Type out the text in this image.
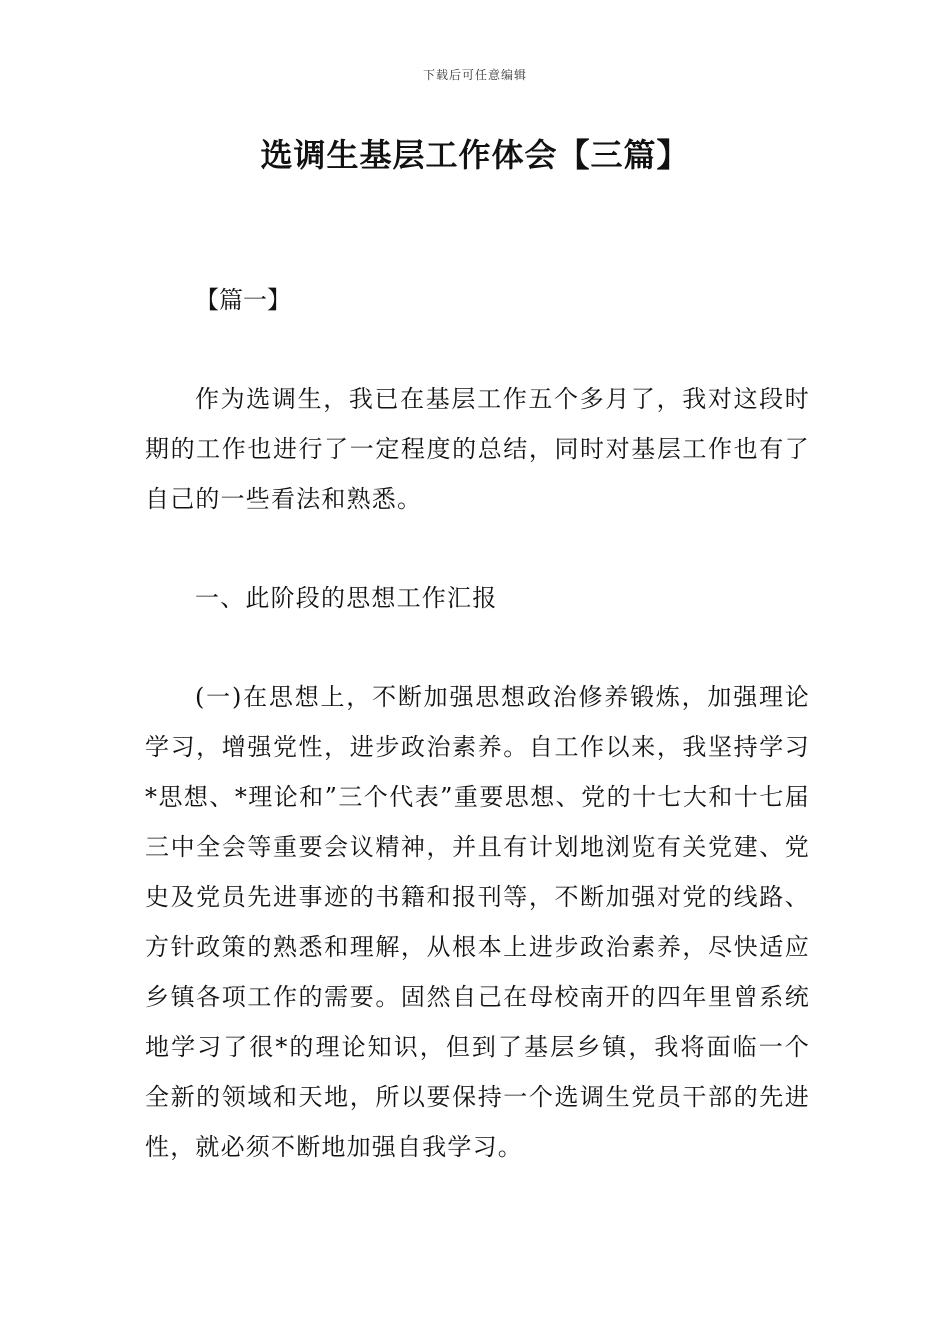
下载后可任意编辑
选调生基层工作体会【三篇】
【篇一】

作为选调生，我已在基层工作五个多月了，我对这段时期的工作也进行了一定程度的总结，同时对基层工作也有了自己的一些看法和熟悉。

一、此阶段的思想工作汇报

(一)在思想上，不断加强思想政治修养锻炼，加强理论学习，增强党性，进步政治素养。自工作以来，我坚持学习*思想、*理论和”三个代表”重要思想、党的十七大和十七届三中全会等重要会议精神，并且有计划地浏览有关党建、党史及党员先进事迹的书籍和报刊等，不断加强对党的线路、方针政策的熟悉和理解，从根本上进步政治素养，尽快适应乡镇各项工作的需要。固然自己在母校南开的四年里曾系统地学习了很*的理论知识，但到了基层乡镇，我将面临一个全新的领域和天地，所以要保持一个选调生党员干部的先进性，就必须不断地加强自我学习。
